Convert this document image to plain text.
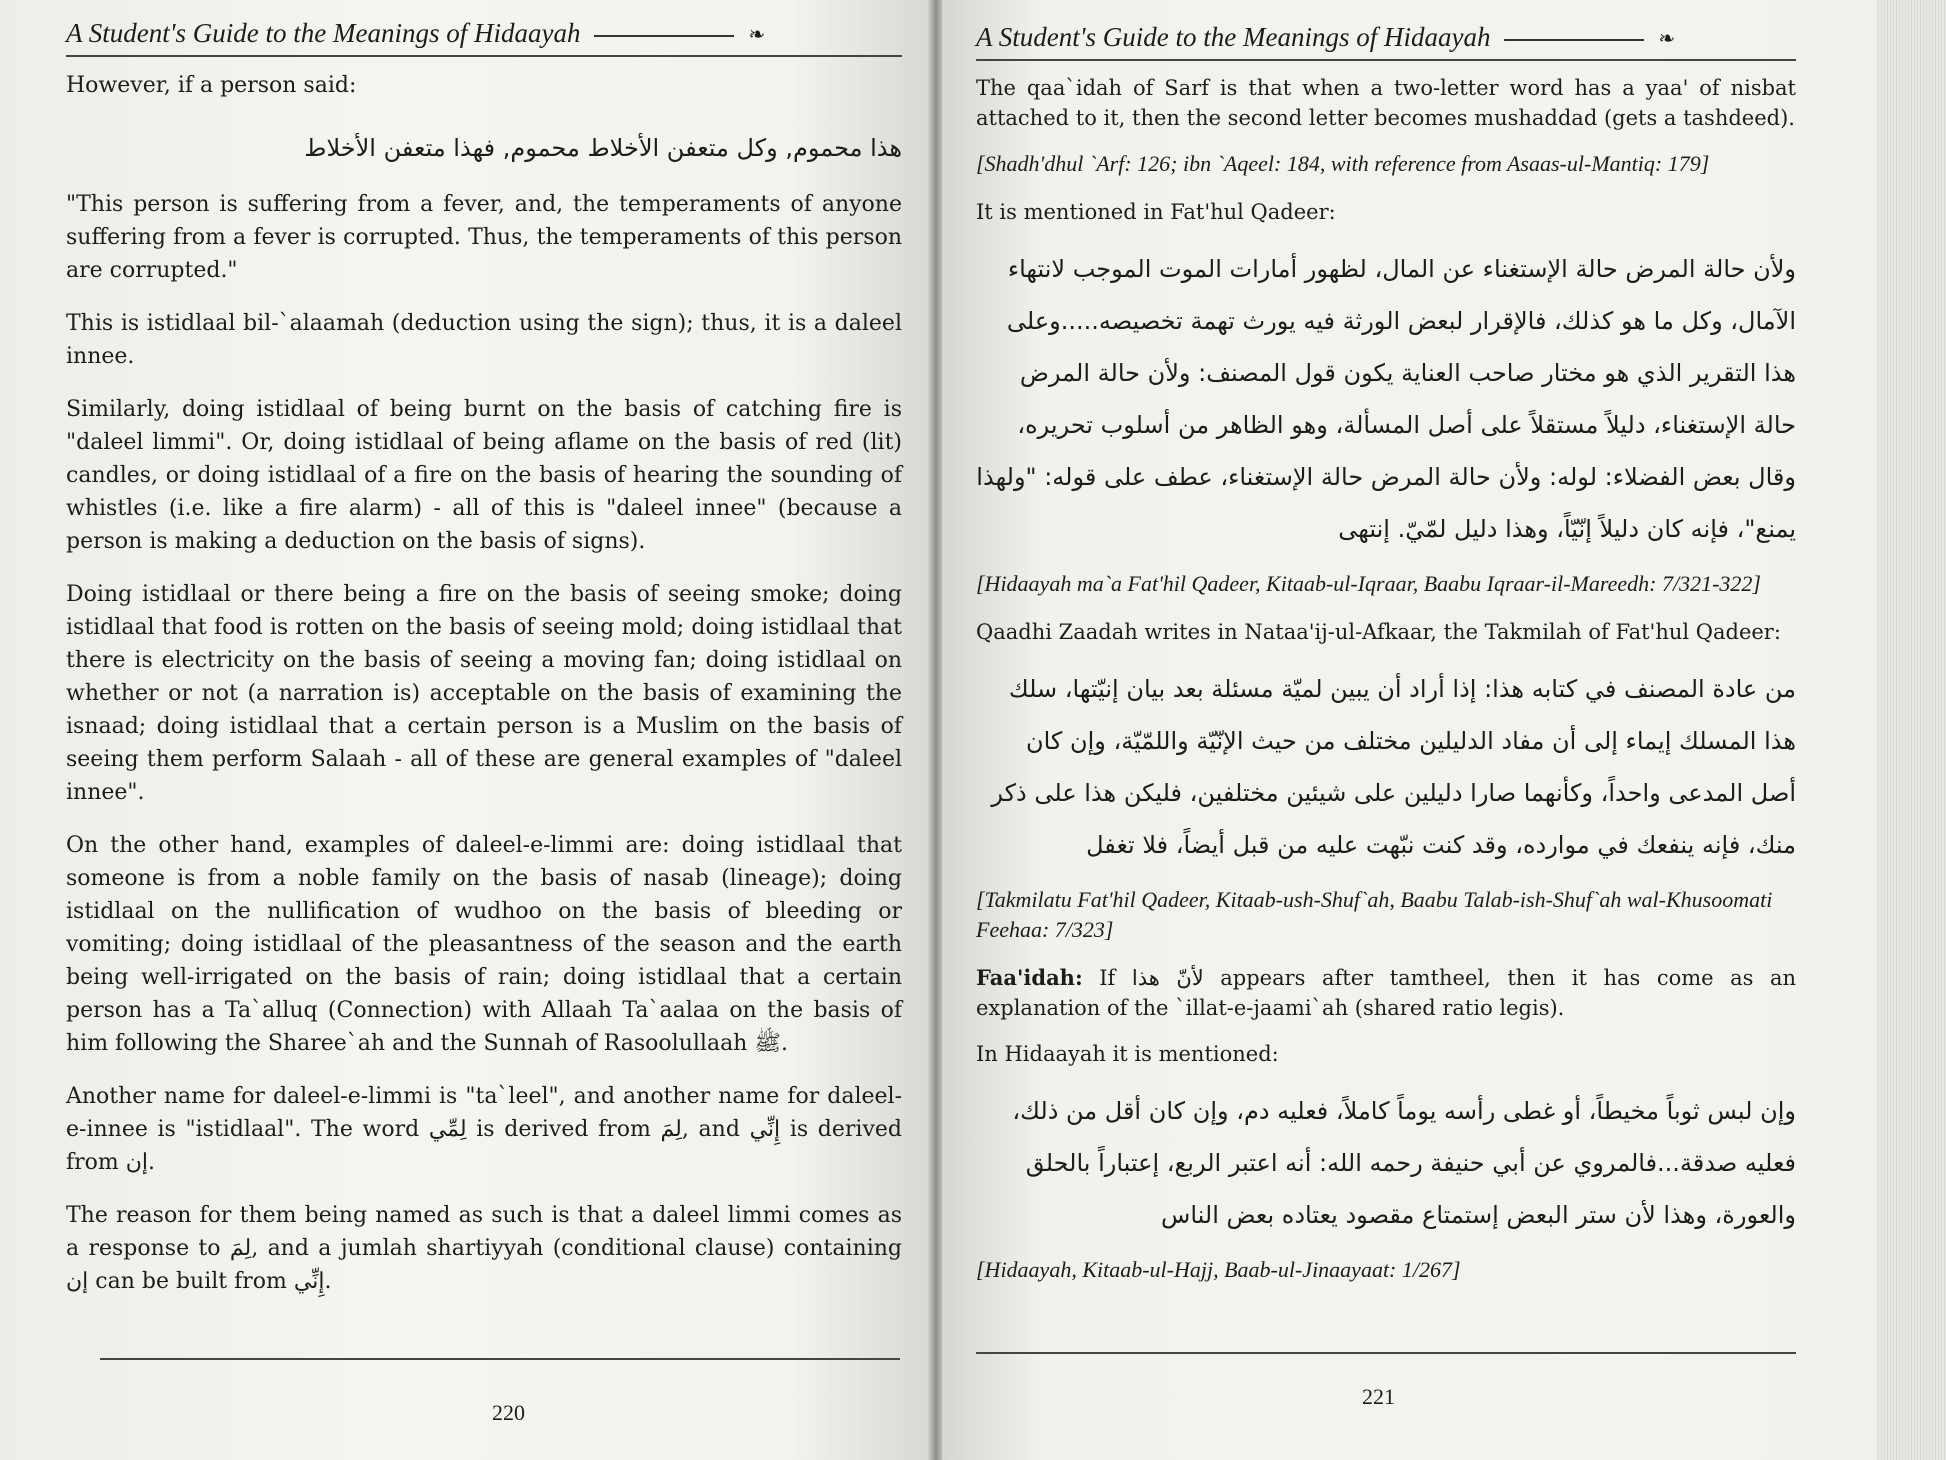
A Student's Guide to the Meanings of Hidaayah	❧

However, if a person said:

هذا محموم, وكل متعفن الأخلاط محموم, فهذا متعفن الأخلاط

"This person is suffering from a fever, and, the temperaments of anyone suffering from a fever is corrupted. Thus, the temperaments of this person are corrupted."

This is istidlaal bil-`alaamah (deduction using the sign); thus, it is a daleel innee.

Similarly, doing istidlaal of being burnt on the basis of catching fire is "daleel limmi". Or, doing istidlaal of being aflame on the basis of red (lit) candles, or doing istidlaal of a fire on the basis of hearing the sounding of whistles (i.e. like a fire alarm) - all of this is "daleel innee" (because a person is making a deduction on the basis of signs).

Doing istidlaal or there being a fire on the basis of seeing smoke; doing istidlaal that food is rotten on the basis of seeing mold; doing istidlaal that there is electricity on the basis of seeing a moving fan; doing istidlaal on whether or not (a narration is) acceptable on the basis of examining the isnaad; doing istidlaal that a certain person is a Muslim on the basis of seeing them perform Salaah - all of these are general examples of "daleel innee".

On the other hand, examples of daleel-e-limmi are: doing istidlaal that someone is from a noble family on the basis of nasab (lineage); doing istidlaal on the nullification of wudhoo on the basis of bleeding or vomiting; doing istidlaal of the pleasantness of the season and the earth being well-irrigated on the basis of rain; doing istidlaal that a certain person has a Ta`alluq (Connection) with Allaah Ta`aalaa on the basis of him following the Sharee`ah and the Sunnah of Rasoolullaah ﷺ.

Another name for daleel-e-limmi is "ta`leel", and another name for daleel-e-innee is "istidlaal". The word لِمِّي is derived from لِمَ, and إِنِّي is derived from إن.

The reason for them being named as such is that a daleel limmi comes as a response to لِمَ, and a jumlah shartiyyah (conditional clause) containing إن can be built from إِنِّي.

220
A Student's Guide to the Meanings of Hidaayah	❧

The qaa`idah of Sarf is that when a two-letter word has a yaa' of nisbat attached to it, then the second letter becomes mushaddad (gets a tashdeed).

[Shadh'dhul `Arf: 126; ibn `Aqeel: 184, with reference from Asaas-ul-Mantiq: 179]

It is mentioned in Fat'hul Qadeer:

ولأن حالة المرض حالة الإستغناء عن المال، لظهور أمارات الموت الموجب لانتهاء الآمال، وكل ما هو كذلك، فالإقرار لبعض الورثة فيه يورث تهمة تخصيصه.....وعلى هذا التقرير الذي هو مختار صاحب العناية يكون قول المصنف: ولأن حالة المرض حالة الإستغناء، دليلاً مستقلاً على أصل المسألة، وهو الظاهر من أسلوب تحريره، وقال بعض الفضلاء: لوله: ولأن حالة المرض حالة الإستغناء، عطف على قوله: "ولهذا يمنع"، فإنه كان دليلاً إنّيّاً، وهذا دليل لمّيّ. إنتهى
[Hidaayah ma`a Fat'hil Qadeer, Kitaab-ul-Iqraar, Baabu Iqraar-il-Mareedh: 7/321-322]

Qaadhi Zaadah writes in Nataa'ij-ul-Afkaar, the Takmilah of Fat'hul Qadeer:

من عادة المصنف في كتابه هذا: إذا أراد أن يبين لميّة مسئلة بعد بيان إنيّتها، سلك هذا المسلك إيماء إلى أن مفاد الدليلين مختلف من حيث الإنّيّة واللمّيّة، وإن كان أصل المدعى واحداً، وكأنهما صارا دليلين على شيئين مختلفين، فليكن هذا على ذكر منك، فإنه ينفعك في موارده، وقد كنت نبّهت عليه من قبل أيضاً، فلا تغفل
[Takmilatu Fat'hil Qadeer, Kitaab-ush-Shuf`ah, Baabu Talab-ish-Shuf`ah wal-Khusoomati Feehaa: 7/323]

Faa'idah: If لأنّ هذا appears after tamtheel, then it has come as an explanation of the `illat-e-jaami`ah (shared ratio legis).

In Hidaayah it is mentioned:

وإن لبس ثوباً مخيطاً، أو غطى رأسه يوماً كاملاً، فعليه دم، وإن كان أقل من ذلك، فعليه صدقة...فالمروي عن أبي حنيفة رحمه الله: أنه اعتبر الربع، إعتباراً بالحلق والعورة، وهذا لأن ستر البعض إستمتاع مقصود يعتاده بعض الناس
[Hidaayah, Kitaab-ul-Hajj, Baab-ul-Jinaayaat: 1/267]
221
